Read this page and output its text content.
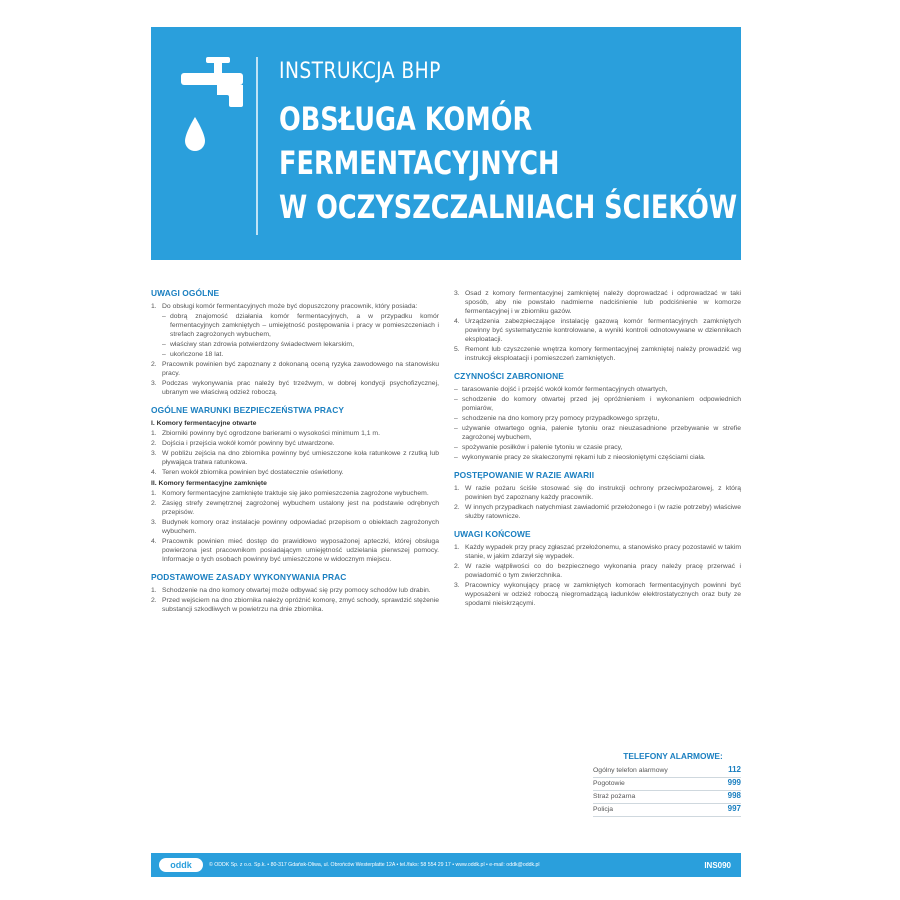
INSTRUKCJA BHP
OBSŁUGA KOMÓR
FERMENTACYJNYCH
W OCZYSZCZALNIACH ŚCIEKÓW
UWAGI OGÓLNE
1. Do obsługi komór fermentacyjnych może być dopuszczony pracownik, który posiada:
– dobrą znajomość działania komór fermentacyjnych, a w przypadku komór fermentacyjnych zamkniętych – umiejętność postępowania i pracy w pomieszczeniach i strefach zagrożonych wybuchem,
– właściwy stan zdrowia potwierdzony świadectwem lekarskim,
– ukończone 18 lat.
2. Pracownik powinien być zapoznany z dokonaną oceną ryzyka zawodowego na stanowisku pracy.
3. Podczas wykonywania prac należy być trzeźwym, w dobrej kondycji psychofizycznej, ubranym we właściwą odzież roboczą.
OGÓLNE WARUNKI BEZPIECZEŃSTWA PRACY
I. Komory fermentacyjne otwarte
1. Zbiorniki powinny być ogrodzone barierami o wysokości minimum 1,1 m.
2. Dojścia i przejścia wokół komór powinny być utwardzone.
3. W pobliżu zejścia na dno zbiornika powinny być umieszczone koła ratunkowe z rzutką lub pływająca tratwa ratunkowa.
4. Teren wokół zbiornika powinien być dostatecznie oświetlony.
II. Komory fermentacyjne zamknięte
1. Komory fermentacyjne zamknięte traktuje się jako pomieszczenia zagrożone wybuchem.
2. Zasięg strefy zewnętrznej zagrożonej wybuchem ustalony jest na podstawie odrębnych przepisów.
3. Budynek komory oraz instalacje powinny odpowiadać przepisom o obiektach zagrożonych wybuchem.
4. Pracownik powinien mieć dostęp do prawidłowo wyposażonej apteczki, której obsługa powierzona jest pracownikom posiadającym umiejętność udzielania pierwszej pomocy. Informacje o tych osobach powinny być umieszczone w widocznym miejscu.
PODSTAWOWE ZASADY WYKONYWANIA PRAC
1. Schodzenie na dno komory otwartej może odbywać się przy pomocy schodów lub drabin.
2. Przed wejściem na dno zbiornika należy opróżnić komorę, zmyć schody, sprawdzić stężenie substancji szkodliwych w powietrzu na dnie zbiornika.
3. Osad z komory fermentacyjnej zamkniętej należy doprowadzać i odprowadzać w taki sposób, aby nie powstało nadmierne nadciśnienie lub podciśnienie w komorze fermentacyjnej i w zbiorniku gazów.
4. Urządzenia zabezpieczające instalację gazową komór fermentacyjnych zamkniętych powinny być systematycznie kontrolowane, a wyniki kontroli odnotowywane w dziennikach eksploatacji.
5. Remont lub czyszczenie wnętrza komory fermentacyjnej zamkniętej należy prowadzić wg instrukcji eksploatacji i pomieszczeń zamkniętych.
CZYNNOŚCI ZABRONIONE
– tarasowanie dojść i przejść wokół komór fermentacyjnych otwartych,
– schodzenie do komory otwartej przed jej opróżnieniem i wykonaniem odpowiednich pomiarów,
– schodzenie na dno komory przy pomocy przypadkowego sprzętu,
– używanie otwartego ognia, palenie tytoniu oraz nieuzasadnione przebywanie w strefie zagrożonej wybuchem,
– spożywanie posiłków i palenie tytoniu w czasie pracy,
– wykonywanie pracy ze skaleczonymi rękami lub z nieosłoniętymi częściami ciała.
POSTĘPOWANIE W RAZIE AWARII
1. W razie pożaru ściśle stosować się do instrukcji ochrony przeciwpożarowej, z którą powinien być zapoznany każdy pracownik.
2. W innych przypadkach natychmiast zawiadomić przełożonego i (w razie potrzeby) właściwe służby ratownicze.
UWAGI KOŃCOWE
1. Każdy wypadek przy pracy zgłaszać przełożonemu, a stanowisko pracy pozostawić w takim stanie, w jakim zdarzył się wypadek.
2. W razie wątpliwości co do bezpiecznego wykonania pracy należy pracę przerwać i powiadomić o tym zwierzchnika.
3. Pracownicy wykonujący pracę w zamkniętych komorach fermentacyjnych powinni być wyposażeni w odzież roboczą niegromadzącą ładunków elektrostatycznych oraz buty ze spodami nieiskrzącymi.
TELEFONY ALARMOWE:
Ogólny telefon alarmowy	112
Pogotowie	999
Straż pożarna	998
Policja	997
oddk	© ODDK Sp. z o.o. Sp.k. • 80-317 Gdańsk-Oliwa, ul. Obrońców Westerplatte 12A • tel./faks: 58 554 29 17 • www.oddk.pl • e-mail: oddk@oddk.pl	INS090
